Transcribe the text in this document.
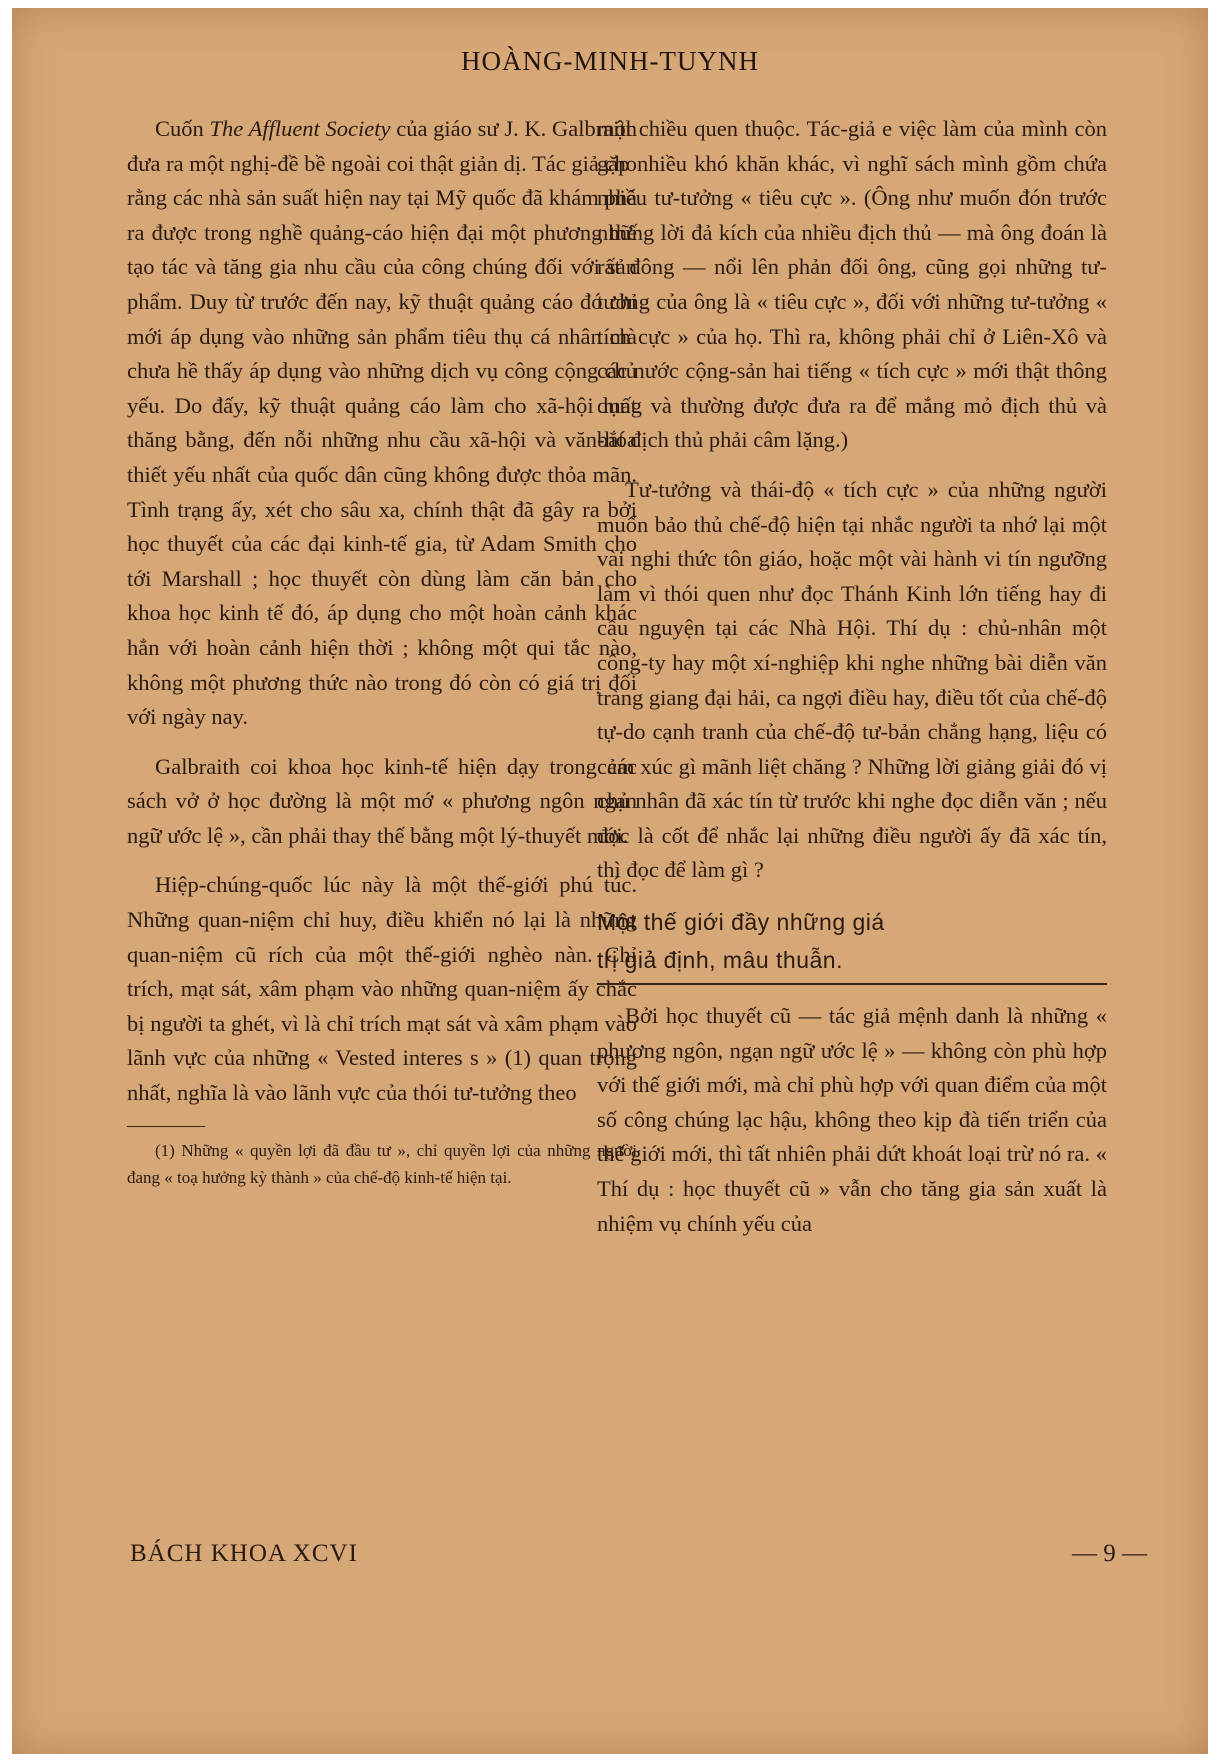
HOÀNG-MINH-TUYNH

Cuốn The Affluent Society của giáo sư J. K. Galbraith đưa ra một nghị-đề bề ngoài coi thật giản dị. Tác giả cho rằng các nhà sản suất hiện nay tại Mỹ quốc đã khám phá ra được trong nghề quảng-cáo hiện đại một phương thế tạo tác và tăng gia nhu cầu của công chúng đối với sản phẩm. Duy từ trước đến nay, kỹ thuật quảng cáo đó chỉ mới áp dụng vào những sản phẩm tiêu thụ cá nhân mà chưa hề thấy áp dụng vào những dịch vụ công cộng chủ yếu. Do đấy, kỹ thuật quảng cáo làm cho xã-hội mất thăng bằng, đến nỗi những nhu cầu xã-hội và văn-hóa thiết yếu nhất của quốc dân cũng không được thỏa mãn. Tình trạng ấy, xét cho sâu xa, chính thật đã gây ra bởi học thuyết của các đại kinh-tế gia, từ Adam Smith cho tới Marshall ; học thuyết còn dùng làm căn bản cho khoa học kinh tế đó, áp dụng cho một hoàn cảnh khác hẳn với hoàn cảnh hiện thời ; không một qui tắc nào, không một phương thức nào trong đó còn có giá trị đối với ngày nay.

Galbraith coi khoa học kinh-tế hiện dạy trong các sách vở ở học đường là một mớ « phương ngôn ngạn ngữ ước lệ », cần phải thay thế bằng một lý-thuyết mới.

Hiệp-chúng-quốc lúc này là một thế-giới phú túc. Những quan-niệm chỉ huy, điều khiển nó lại là những quan-niệm cũ rích của một thế-giới nghèo nàn. Chỉ trích, mạt sát, xâm phạm vào những quan-niệm ấy chắc bị người ta ghét, vì là chỉ trích mạt sát và xâm phạm vào lãnh vực của những « Vested interes s » (1) quan trọng nhất, nghĩa là vào lãnh vực của thói tư-tưởng theo

(1) Những « quyền lợi đã đầu tư », chỉ quyền lợi của những người đang « toạ hưởng kỳ thành » của chế-độ kinh-tế hiện tại.

một chiều quen thuộc. Tác-giả e việc làm của mình còn gặp nhiều khó khăn khác, vì nghĩ sách mình gồm chứa nhiều tư-tưởng « tiêu cực ». (Ông như muốn đón trước những lời đả kích của nhiều địch thủ — mà ông đoán là rất đông — nổi lên phản đối ông, cũng gọi những tư-tưởng của ông là « tiêu cực », đối với những tư-tưởng « tích cực » của họ. Thì ra, không phải chỉ ở Liên-Xô và các nước cộng-sản hai tiếng « tích cực » mới thật thông dụng và thường được đưa ra để mắng mỏ địch thủ và bắt địch thủ phải câm lặng.)

Tư-tưởng và thái-độ « tích cực » của những người muốn bảo thủ chế-độ hiện tại nhắc người ta nhớ lại một vài nghi thức tôn giáo, hoặc một vài hành vi tín ngưỡng làm vì thói quen như đọc Thánh Kinh lớn tiếng hay đi cầu nguyện tại các Nhà Hội. Thí dụ : chủ-nhân một công-ty hay một xí-nghiệp khi nghe những bài diễn văn tràng giang đại hải, ca ngợi điều hay, điều tốt của chế-độ tự-do cạnh tranh của chế-độ tư-bản chẳng hạng, liệu có cảm xúc gì mãnh liệt chăng ? Những lời giảng giải đó vị chủ nhân đã xác tín từ trước khi nghe đọc diễn văn ; nếu đọc là cốt để nhắc lại những điều người ấy đã xác tín, thì đọc để làm gì ?

Một thế giới đầy những giá
trị giả định, mâu thuẫn.

Bởi học thuyết cũ — tác giả mệnh danh là những « phương ngôn, ngạn ngữ ước lệ » — không còn phù hợp với thế giới mới, mà chỉ phù hợp với quan điểm của một số công chúng lạc hậu, không theo kịp đà tiến triển của thế giới mới, thì tất nhiên phải dứt khoát loại trừ nó ra. « Thí dụ : học thuyết cũ » vẫn cho tăng gia sản xuất là nhiệm vụ chính yếu của

BÁCH KHOA XCVI	— 9 —
